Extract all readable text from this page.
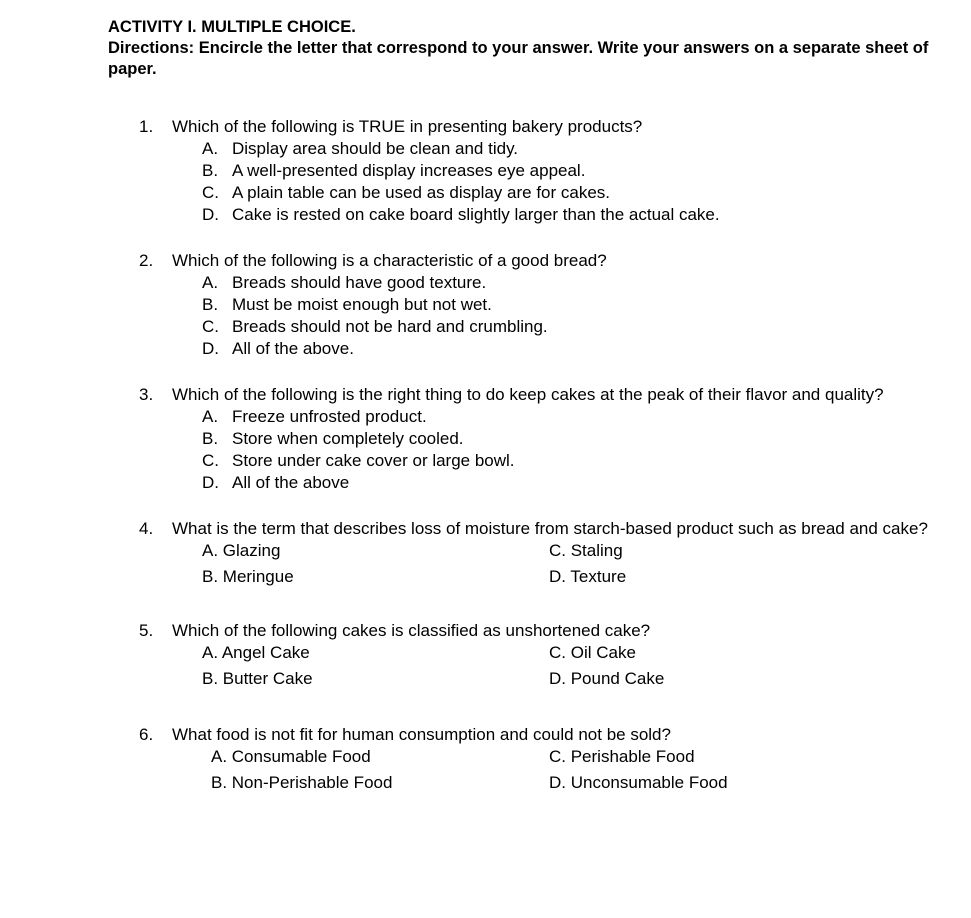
ACTIVITY I. MULTIPLE CHOICE.
Directions: Encircle the letter that correspond to your answer. Write your answers on a separate sheet of paper.
1. Which of the following is TRUE in presenting bakery products?
A. Display area should be clean and tidy.
B. A well-presented display increases eye appeal.
C. A plain table can be used as display are for cakes.
D. Cake is rested on cake board slightly larger than the actual cake.
2. Which of the following is a characteristic of a good bread?
A. Breads should have good texture.
B. Must be moist enough but not wet.
C. Breads should not be hard and crumbling.
D. All of the above.
3. Which of the following is the right thing to do keep cakes at the peak of their flavor and quality?
A. Freeze unfrosted product.
B. Store when completely cooled.
C. Store under cake cover or large bowl.
D. All of the above
4. What is the term that describes loss of moisture from starch-based product such as bread and cake?
A. Glazing	C. Staling
B. Meringue	D. Texture
5. Which of the following cakes is classified as unshortened cake?
A. Angel Cake	C. Oil Cake
B. Butter Cake	D. Pound Cake
6. What food is not fit for human consumption and could not be sold?
A. Consumable Food	C. Perishable Food
B. Non-Perishable Food	D. Unconsumable Food
